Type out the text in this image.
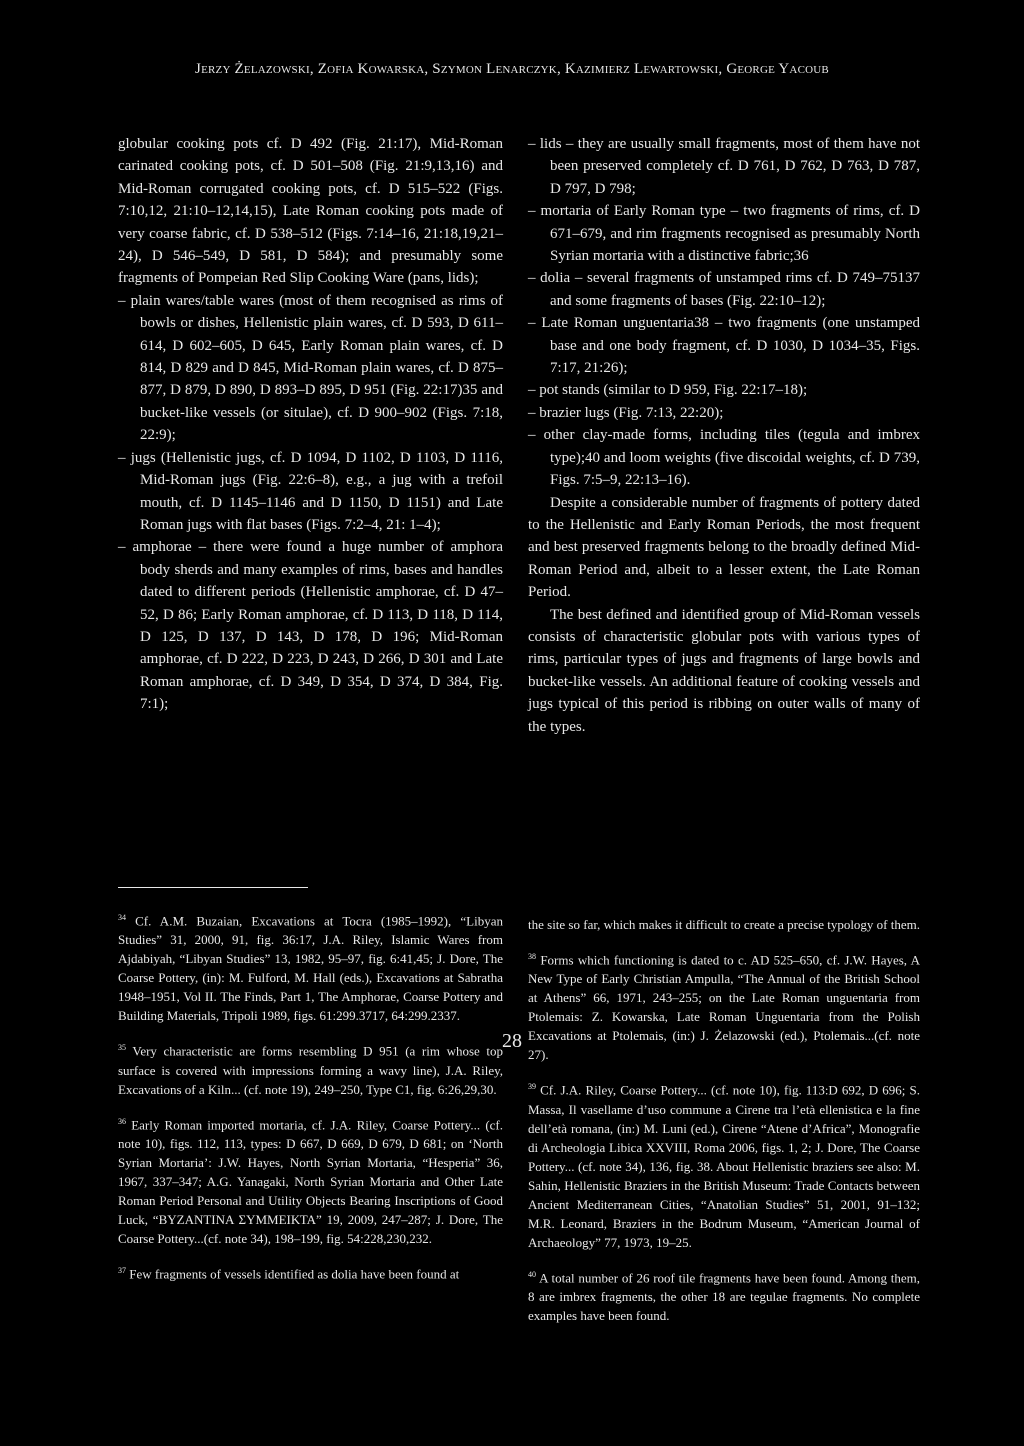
Jerzy Żelazowski, Zofia Kowarska, Szymon Lenarczyk, Kazimierz Lewartowski, George Yacoub

globular cooking pots cf. D 492 (Fig. 21:17), Mid-Roman carinated cooking pots, cf. D 501–508 (Fig. 21:9,13,16) and Mid-Roman corrugated cooking pots, cf. D 515–522 (Figs. 7:10,12, 21:10–12,14,15), Late Roman cooking pots made of very coarse fabric, cf. D 538–512 (Figs. 7:14–16, 21:18,19,21–24), D 546–549, D 581, D 584); and presumably some fragments of Pompeian Red Slip Cooking Ware (pans, lids);

– plain wares/table wares (most of them recognised as rims of bowls or dishes, Hellenistic plain wares, cf. D 593, D 611–614, D 602–605, D 645, Early Roman plain wares, cf. D 814, D 829 and D 845, Mid-Roman plain wares, cf. D 875–877, D 879, D 890, D 893–D 895, D 951 (Fig. 22:17)35 and bucket-like vessels (or situlae), cf. D 900–902 (Figs. 7:18, 22:9);

– jugs (Hellenistic jugs, cf. D 1094, D 1102, D 1103, D 1116, Mid-Roman jugs (Fig. 22:6–8), e.g., a jug with a trefoil mouth, cf. D 1145–1146 and D 1150, D 1151) and Late Roman jugs with flat bases (Figs. 7:2–4, 21: 1–4);

– amphorae – there were found a huge number of amphora body sherds and many examples of rims, bases and handles dated to different periods (Hellenistic amphorae, cf. D 47–52, D 86; Early Roman amphorae, cf. D 113, D 118, D 114, D 125, D 137, D 143, D 178, D 196; Mid-Roman amphorae, cf. D 222, D 223, D 243, D 266, D 301 and Late Roman amphorae, cf. D 349, D 354, D 374, D 384, Fig. 7:1);

– lids – they are usually small fragments, most of them have not been preserved completely cf. D 761, D 762, D 763, D 787, D 797, D 798;

– mortaria of Early Roman type – two fragments of rims, cf. D 671–679, and rim fragments recognised as presumably North Syrian mortaria with a distinctive fabric;36

– dolia – several fragments of unstamped rims cf. D 749–75137 and some fragments of bases (Fig. 22:10–12);

– Late Roman unguentaria38 – two fragments (one unstamped base and one body fragment, cf. D 1030, D 1034–35, Figs. 7:17, 21:26);

– pot stands (similar to D 959, Fig. 22:17–18);

– brazier lugs (Fig. 7:13, 22:20);

– other clay-made forms, including tiles (tegula and imbrex type);40 and loom weights (five discoidal weights, cf. D 739, Figs. 7:5–9, 22:13–16).

Despite a considerable number of fragments of pottery dated to the Hellenistic and Early Roman Periods, the most frequent and best preserved fragments belong to the broadly defined Mid-Roman Period and, albeit to a lesser extent, the Late Roman Period.

The best defined and identified group of Mid-Roman vessels consists of characteristic globular pots with various types of rims, particular types of jugs and fragments of large bowls and bucket-like vessels. An additional feature of cooking vessels and jugs typical of this period is ribbing on outer walls of many of the types.

$^{34}$ Cf. A.M. Buzaian, Excavations at Tocra (1985–1992), “Libyan Studies” 31, 2000, 91, fig. 36:17, J.A. Riley, Islamic Wares from Ajdabiyah, “Libyan Studies” 13, 1982, 95–97, fig. 6:41,45; J. Dore, The Coarse Pottery, (in): M. Fulford, M. Hall (eds.), Excavations at Sabratha 1948–1951, Vol II. The Finds, Part 1, The Amphorae, Coarse Pottery and Building Materials, Tripoli 1989, figs. 61:299.3717, 64:299.2337.

$^{35}$ Very characteristic are forms resembling D 951 (a rim whose top surface is covered with impressions forming a wavy line), J.A. Riley, Excavations of a Kiln... (cf. note 19), 249–250, Type C1, fig. 6:26,29,30.

$^{36}$ Early Roman imported mortaria, cf. J.A. Riley, Coarse Pottery... (cf. note 10), figs. 112, 113, types: D 667, D 669, D 679, D 681; on ‘North Syrian Mortaria’: J.W. Hayes, North Syrian Mortaria, “Hesperia” 36, 1967, 337–347; A.G. Yanagaki, North Syrian Mortaria and Other Late Roman Period Personal and Utility Objects Bearing Inscriptions of Good Luck, “BYZANTINA ΣΥΜΜΕΙΚΤΑ” 19, 2009, 247–287; J. Dore, The Coarse Pottery...(cf. note 34), 198–199, fig. 54:228,230,232.

$^{37}$ Few fragments of vessels identified as dolia have been found at

the site so far, which makes it difficult to create a precise typology of them.

$^{38}$ Forms which functioning is dated to c. AD 525–650, cf. J.W. Hayes, A New Type of Early Christian Ampulla, “The Annual of the British School at Athens” 66, 1971, 243–255; on the Late Roman unguentaria from Ptolemais: Z. Kowarska, Late Roman Unguentaria from the Polish Excavations at Ptolemais, (in:) J. Żelazowski (ed.), Ptolemais...(cf. note 27).

$^{39}$ Cf. J.A. Riley, Coarse Pottery... (cf. note 10), fig. 113:D 692, D 696; S. Massa, Il vasellame d’uso commune a Cirene tra l’età ellenistica e la fine dell’età romana, (in:) M. Luni (ed.), Cirene “Atene d’Africa”, Monografie di Archeologia Libica XXVIII, Roma 2006, figs. 1, 2; J. Dore, The Coarse Pottery... (cf. note 34), 136, fig. 38. About Hellenistic braziers see also: M. Sahin, Hellenistic Braziers in the British Museum: Trade Contacts between Ancient Mediterranean Cities, “Anatolian Studies” 51, 2001, 91–132; M.R. Leonard, Braziers in the Bodrum Museum, “American Journal of Archaeology” 77, 1973, 19–25.

$^{40}$ A total number of 26 roof tile fragments have been found. Among them, 8 are imbrex fragments, the other 18 are tegulae fragments. No complete examples have been found.

28
